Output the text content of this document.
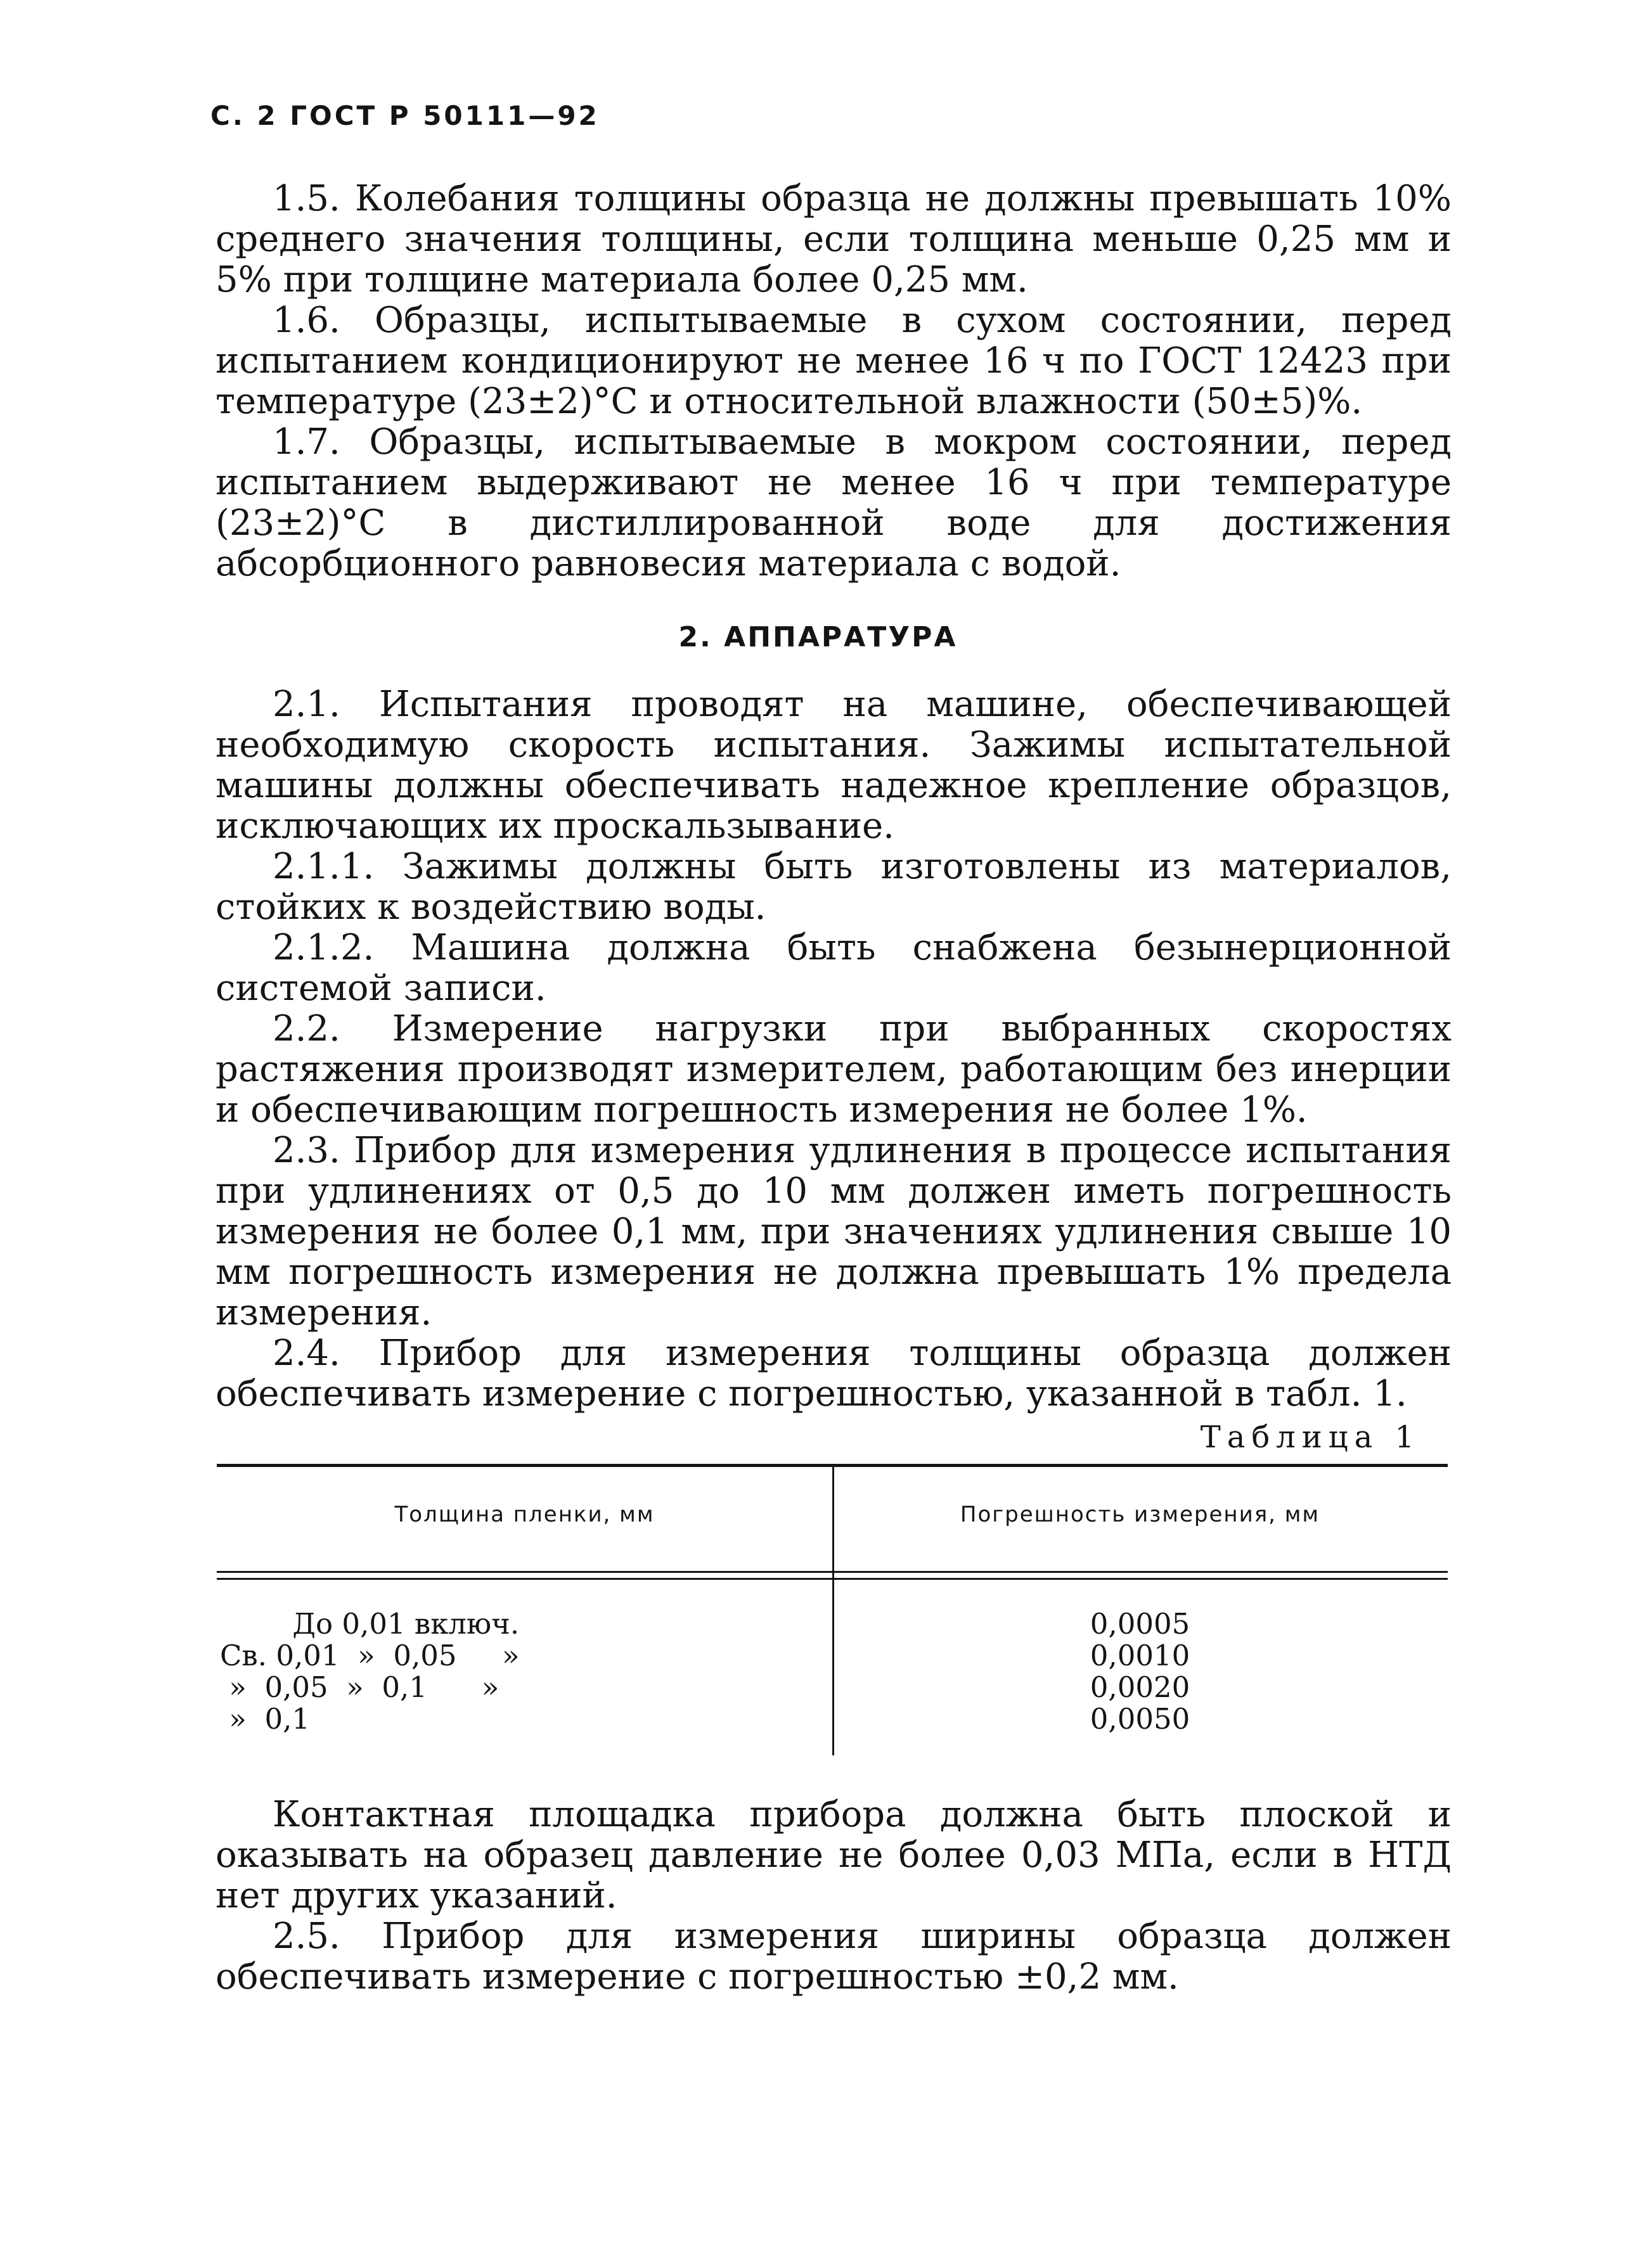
С. 2 ГОСТ Р 50111—92

1.5. Колебания толщины образца не должны превышать 10% среднего значения толщины, если толщина меньше 0,25 мм и 5% при толщине материала более 0,25 мм.

1.6. Образцы, испытываемые в сухом состоянии, перед испытанием кондиционируют не менее 16 ч по ГОСТ 12423 при температуре (23±2)°С и относительной влажности (50±5)%.

1.7. Образцы, испытываемые в мокром состоянии, перед испытанием выдерживают не менее 16 ч при температуре (23±2)°С в дистиллированной воде для достижения абсорбционного равновесия материала с водой.

2. АППАРАТУРА

2.1. Испытания проводят на машине, обеспечивающей необходимую скорость испытания. Зажимы испытательной машины должны обеспечивать надежное крепление образцов, исключающих их проскальзывание.

2.1.1. Зажимы должны быть изготовлены из материалов, стойких к воздействию воды.

2.1.2. Машина должна быть снабжена безынерционной системой записи.

2.2. Измерение нагрузки при выбранных скоростях растяжения производят измерителем, работающим без инерции и обеспечивающим погрешность измерения не более 1%.

2.3. Прибор для измерения удлинения в процессе испытания при удлинениях от 0,5 до 10 мм должен иметь погрешность измерения не более 0,1 мм, при значениях удлинения свыше 10 мм погрешность измерения не должна превышать 1% предела измерения.

2.4. Прибор для измерения толщины образца должен обеспечивать измерение с погрешностью, указанной в табл. 1.

Таблица 1
Толщина пленки, мм	Погрешность измерения, мм
До 0,01 включ.
Св. 0,01  »  0,05     »
»  0,05  »  0,1      »
»  0,1
0,0005
0,0010
0,0020
0,0050

Контактная площадка прибора должна быть плоской и оказывать на образец давление не более 0,03 МПа, если в НТД нет других указаний.

2.5. Прибор для измерения ширины образца должен обеспечивать измерение с погрешностью ±0,2 мм.
